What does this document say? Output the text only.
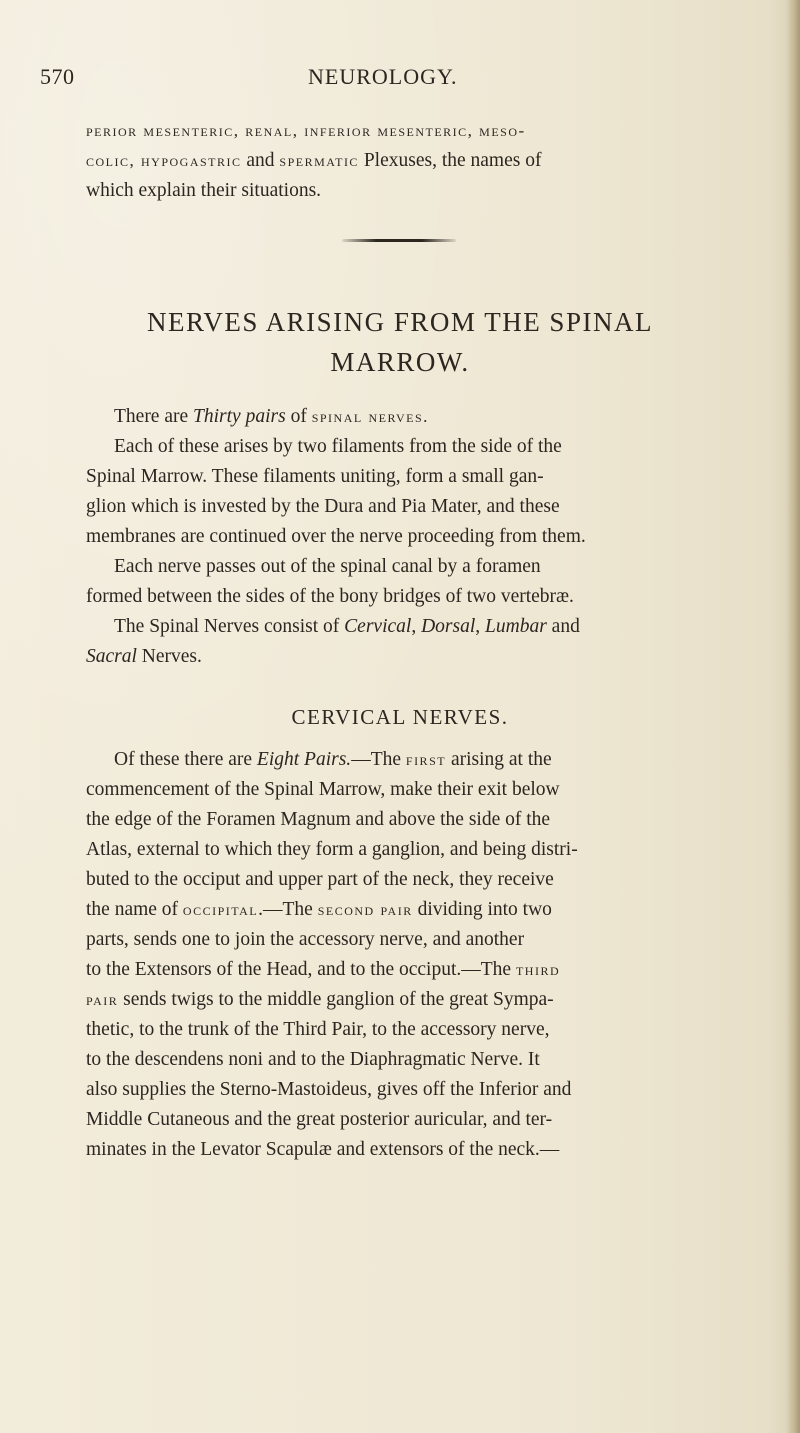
570	NEUROLOGY.
perior mesenteric, renal, inferior mesenteric, meso-
colic, hypogastric and spermatic Plexuses, the names of
which explain their situations.
NERVES ARISING FROM THE SPINAL
MARROW.
There are Thirty pairs of spinal nerves.
Each of these arises by two filaments from the side of the
Spinal Marrow. These filaments uniting, form a small gan-
glion which is invested by the Dura and Pia Mater, and these
membranes are continued over the nerve proceeding from them.
Each nerve passes out of the spinal canal by a foramen
formed between the sides of the bony bridges of two vertebræ.
The Spinal Nerves consist of Cervical, Dorsal, Lumbar and
Sacral Nerves.
CERVICAL NERVES.
Of these there are Eight Pairs.—The first arising at the
commencement of the Spinal Marrow, make their exit below
the edge of the Foramen Magnum and above the side of the
Atlas, external to which they form a ganglion, and being distri-
buted to the occiput and upper part of the neck, they receive
the name of occipital.—The second pair dividing into two
parts, sends one to join the accessory nerve, and another
to the Extensors of the Head, and to the occiput.—The third
pair sends twigs to the middle ganglion of the great Sympa-
thetic, to the trunk of the Third Pair, to the accessory nerve,
to the descendens noni and to the Diaphragmatic Nerve. It
also supplies the Sterno-Mastoideus, gives off the Inferior and
Middle Cutaneous and the great posterior auricular, and ter-
minates in the Levator Scapulæ and extensors of the neck.—
